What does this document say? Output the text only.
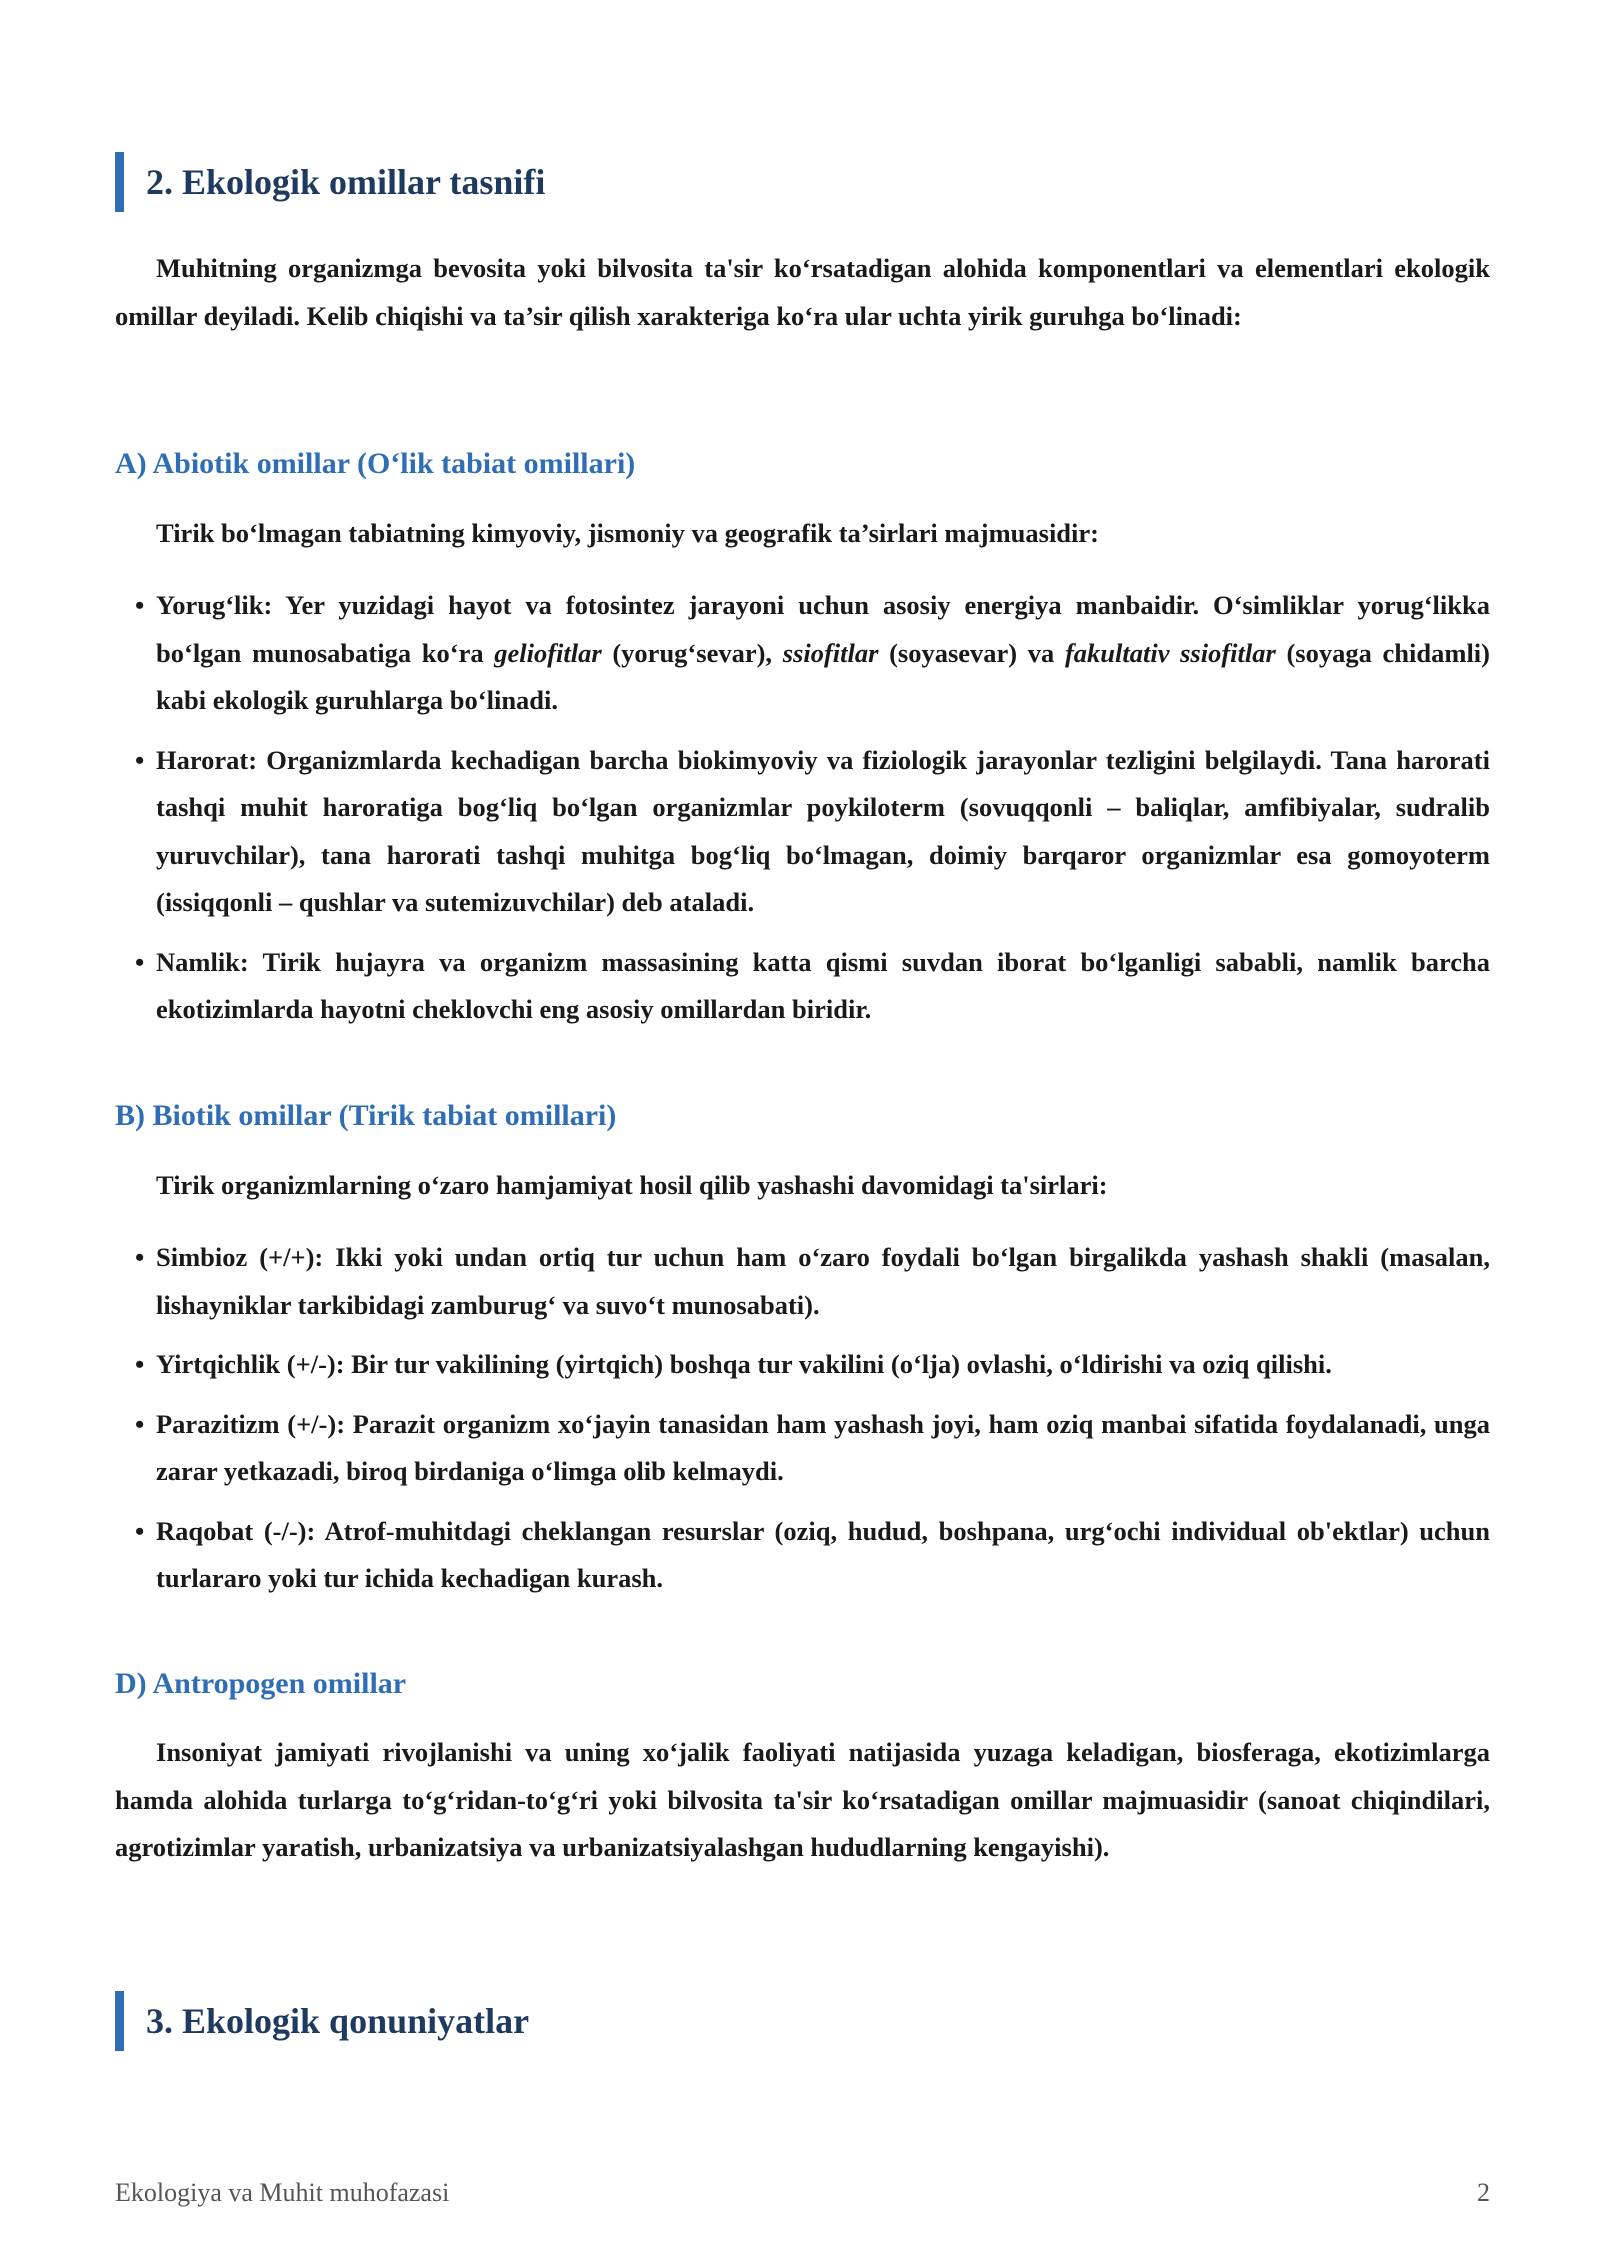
2. Ekologik omillar tasnifi
Muhitning organizmga bevosita yoki bilvosita ta'sir ko‘rsatadigan alohida komponentlari va elementlari ekologik omillar deyiladi. Kelib chiqishi va ta’sir qilish xarakteriga ko‘ra ular uchta yirik guruhga bo‘linadi:
A) Abiotik omillar (O‘lik tabiat omillari)
Tirik bo‘lmagan tabiatning kimyoviy, jismoniy va geografik ta’sirlari majmuasidir:
• Yorug‘lik: Yer yuzidagi hayot va fotosintez jarayoni uchun asosiy energiya manbaidir. O‘simliklar yorug‘likka bo‘lgan munosabatiga ko‘ra geliofitlar (yorug‘sevar), ssiofitlar (soyasevar) va fakultativ ssiofitlar (soyaga chidamli) kabi ekologik guruhlarga bo‘linadi.
• Harorat: Organizmlarda kechadigan barcha biokimyoviy va fiziologik jarayonlar tezligini belgilaydi. Tana harorati tashqi muhit haroratiga bog‘liq bo‘lgan organizmlar poykiloterm (sovuqqonli – baliqlar, amfibiyalar, sudralib yuruvchilar), tana harorati tashqi muhitga bog‘liq bo‘lmagan, doimiy barqaror organizmlar esa gomoyoterm (issiqqonli – qushlar va sutemizuvchilar) deb ataladi.
• Namlik: Tirik hujayra va organizm massasining katta qismi suvdan iborat bo‘lganligi sababli, namlik barcha ekotizimlarda hayotni cheklovchi eng asosiy omillardan biridir.
B) Biotik omillar (Tirik tabiat omillari)
Tirik organizmlarning o‘zaro hamjamiyat hosil qilib yashashi davomidagi ta'sirlari:
• Simbioz (+/+): Ikki yoki undan ortiq tur uchun ham o‘zaro foydali bo‘lgan birgalikda yashash shakli (masalan, lishayniklar tarkibidagi zamburug‘ va suvo‘t munosabati).
• Yirtqichlik (+/-): Bir tur vakilining (yirtqich) boshqa tur vakilini (o‘lja) ovlashi, o‘ldirishi va oziq qilishi.
• Parazitizm (+/-): Parazit organizm xo‘jayin tanasidan ham yashash joyi, ham oziq manbai sifatida foydalanadi, unga zarar yetkazadi, biroq birdaniga o‘limga olib kelmaydi.
• Raqobat (-/-): Atrof-muhitdagi cheklangan resurslar (oziq, hudud, boshpana, urg‘ochi individual ob'ektlar) uchun turlararo yoki tur ichida kechadigan kurash.
D) Antropogen omillar
Insoniyat jamiyati rivojlanishi va uning xo‘jalik faoliyati natijasida yuzaga keladigan, biosferaga, ekotizimlarga hamda alohida turlarga to‘g‘ridan-to‘g‘ri yoki bilvosita ta'sir ko‘rsatadigan omillar majmuasidir (sanoat chiqindilari, agrotizimlar yaratish, urbanizatsiya va urbanizatsiyalashgan hududlarning kengayishi).
3. Ekologik qonuniyatlar
Ekologiya va Muhit muhofazasi	2
